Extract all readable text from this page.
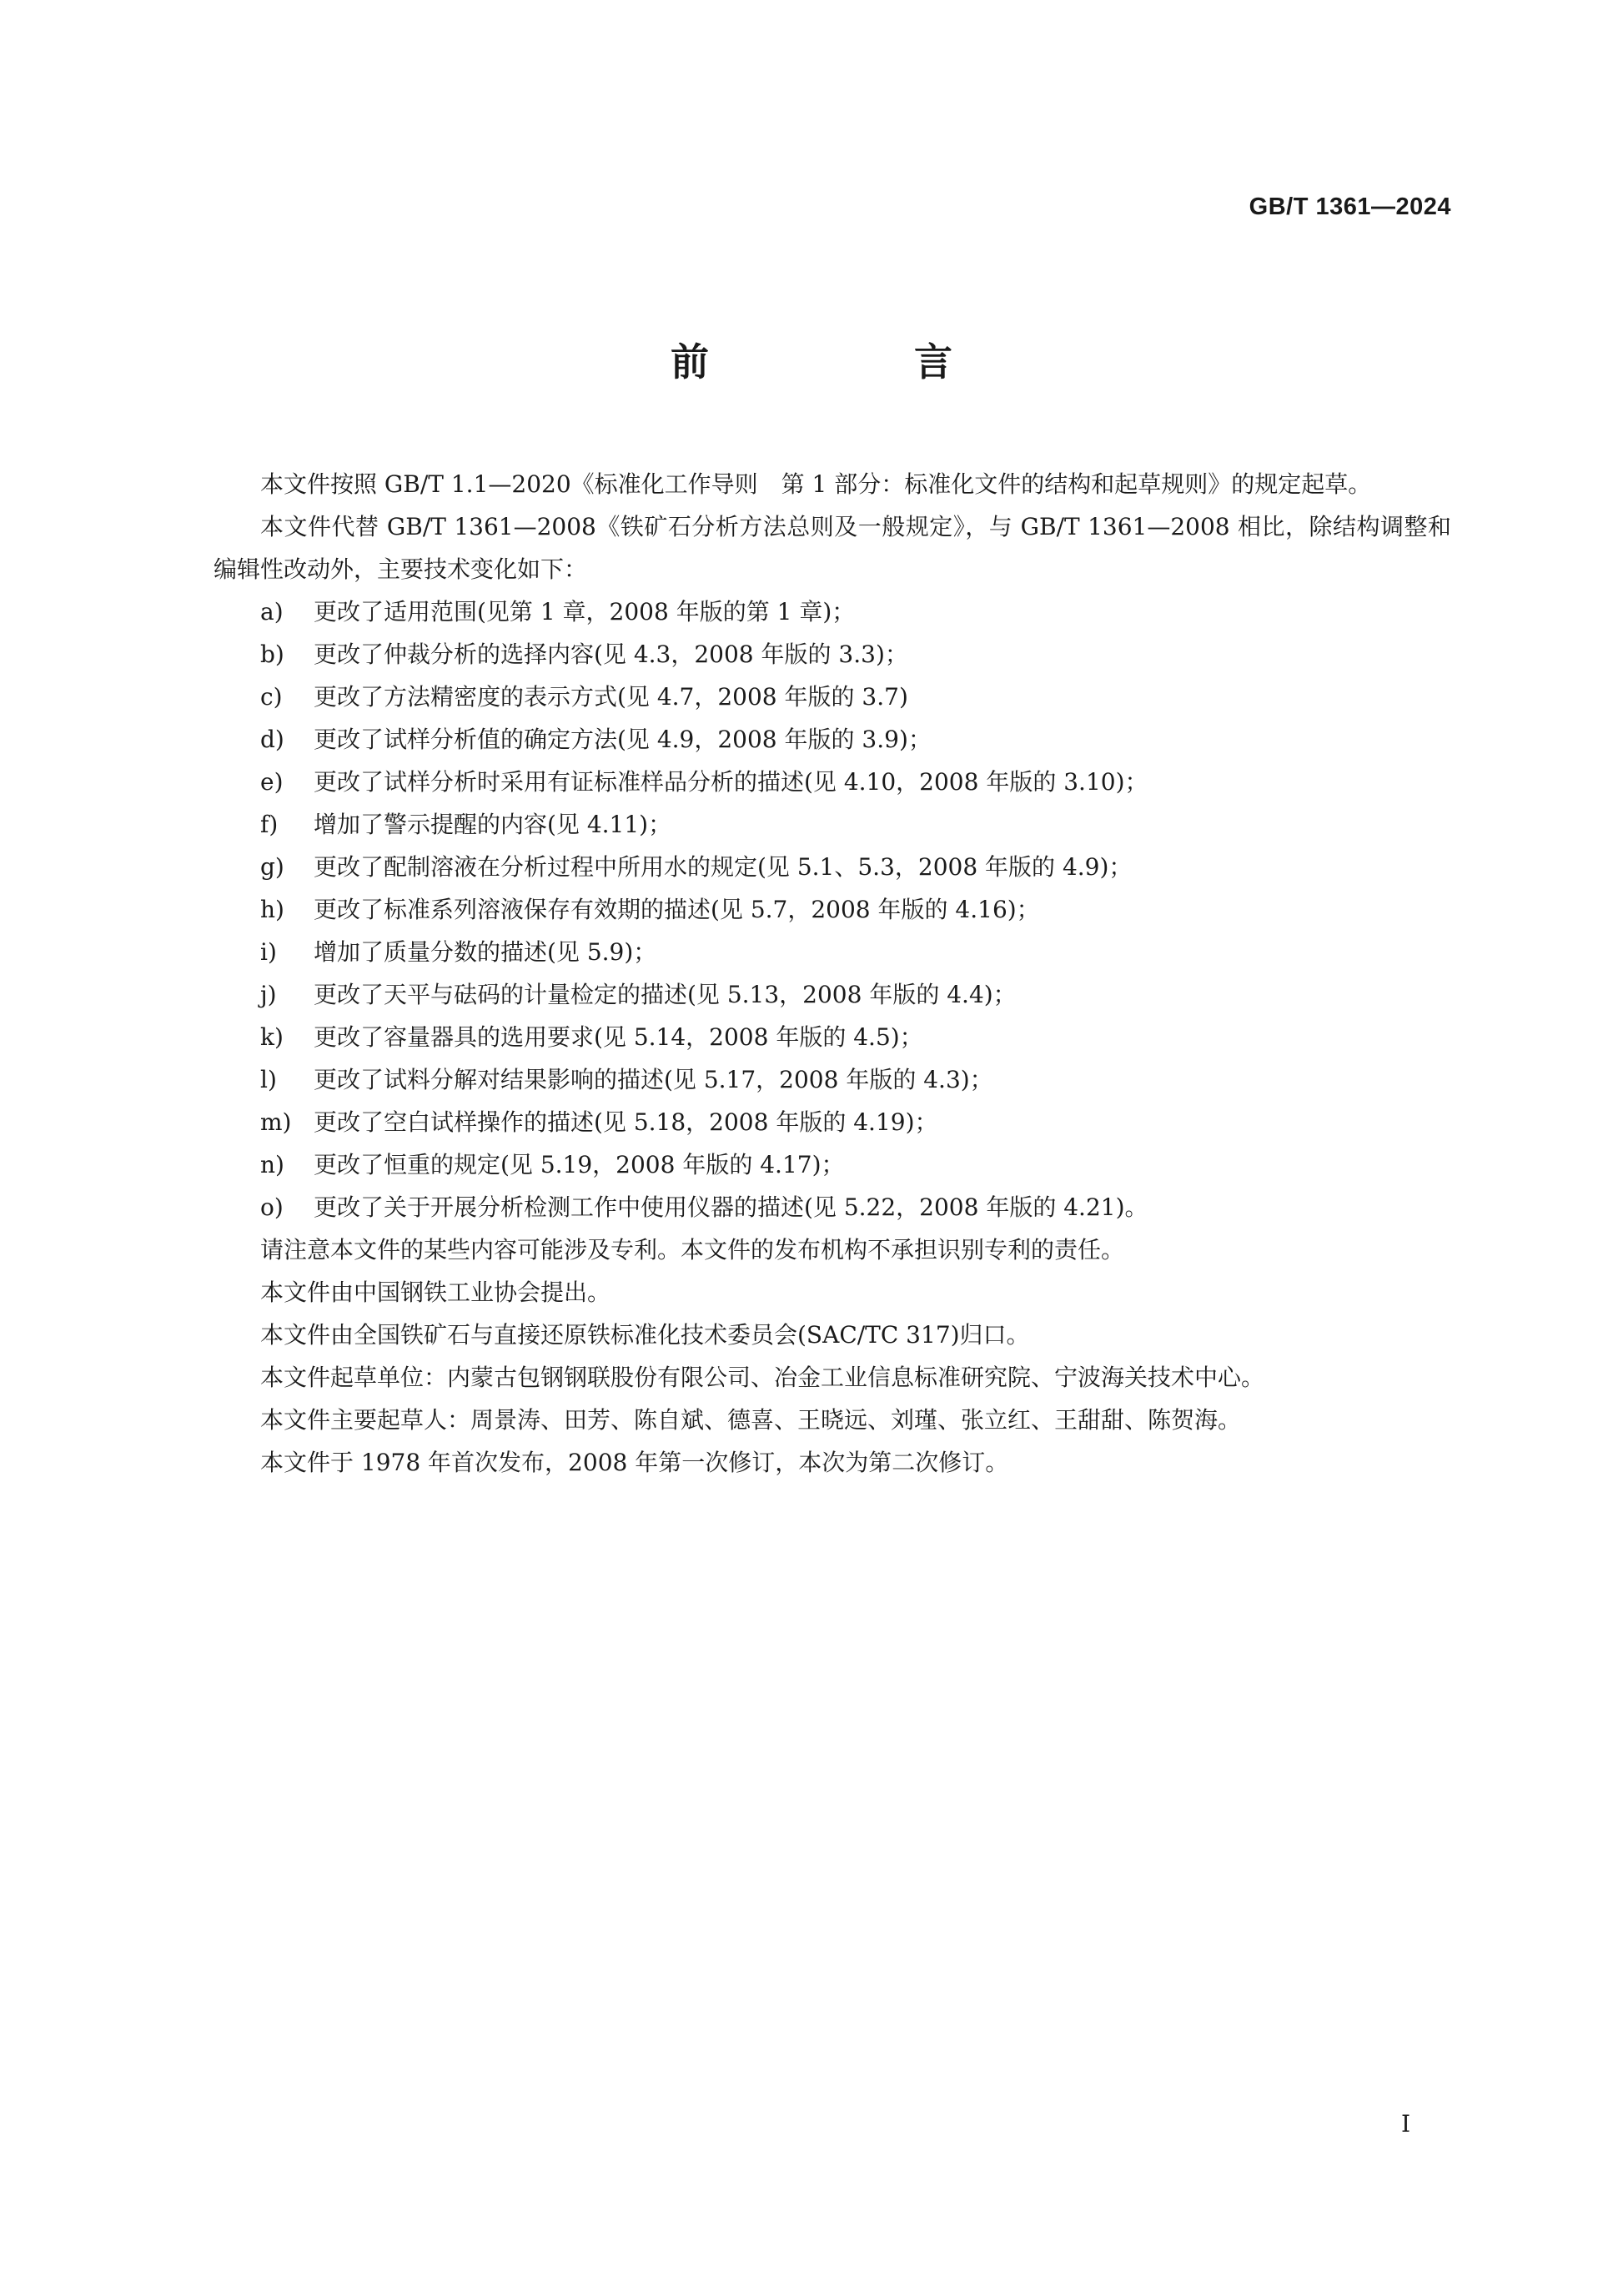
GB/T 1361—2024
前　言

本文件按照 GB/T 1.1—2020《标准化工作导则　第 1 部分：标准化文件的结构和起草规则》的规定起草。

本文件代替 GB/T 1361—2008《铁矿石分析方法总则及一般规定》，与 GB/T 1361—2008 相比，除结构调整和编辑性改动外，主要技术变化如下：

a) 更改了适用范围(见第 1 章，2008 年版的第 1 章)；

b) 更改了仲裁分析的选择内容(见 4.3，2008 年版的 3.3)；

c) 更改了方法精密度的表示方式(见 4.7，2008 年版的 3.7)

d) 更改了试样分析值的确定方法(见 4.9，2008 年版的 3.9)；

e) 更改了试样分析时采用有证标准样品分析的描述(见 4.10，2008 年版的 3.10)；

f) 增加了警示提醒的内容(见 4.11)；

g) 更改了配制溶液在分析过程中所用水的规定(见 5.1、5.3，2008 年版的 4.9)；

h) 更改了标准系列溶液保存有效期的描述(见 5.7，2008 年版的 4.16)；

i) 增加了质量分数的描述(见 5.9)；

j) 更改了天平与砝码的计量检定的描述(见 5.13，2008 年版的 4.4)；

k) 更改了容量器具的选用要求(见 5.14，2008 年版的 4.5)；

l) 更改了试料分解对结果影响的描述(见 5.17，2008 年版的 4.3)；

m) 更改了空白试样操作的描述(见 5.18，2008 年版的 4.19)；

n) 更改了恒重的规定(见 5.19，2008 年版的 4.17)；

o) 更改了关于开展分析检测工作中使用仪器的描述(见 5.22，2008 年版的 4.21)。

请注意本文件的某些内容可能涉及专利。本文件的发布机构不承担识别专利的责任。

本文件由中国钢铁工业协会提出。

本文件由全国铁矿石与直接还原铁标准化技术委员会(SAC/TC 317)归口。

本文件起草单位：内蒙古包钢钢联股份有限公司、冶金工业信息标准研究院、宁波海关技术中心。

本文件主要起草人：周景涛、田芳、陈自斌、德喜、王晓远、刘瑾、张立红、王甜甜、陈贺海。

本文件于 1978 年首次发布，2008 年第一次修订，本次为第二次修订。

I
